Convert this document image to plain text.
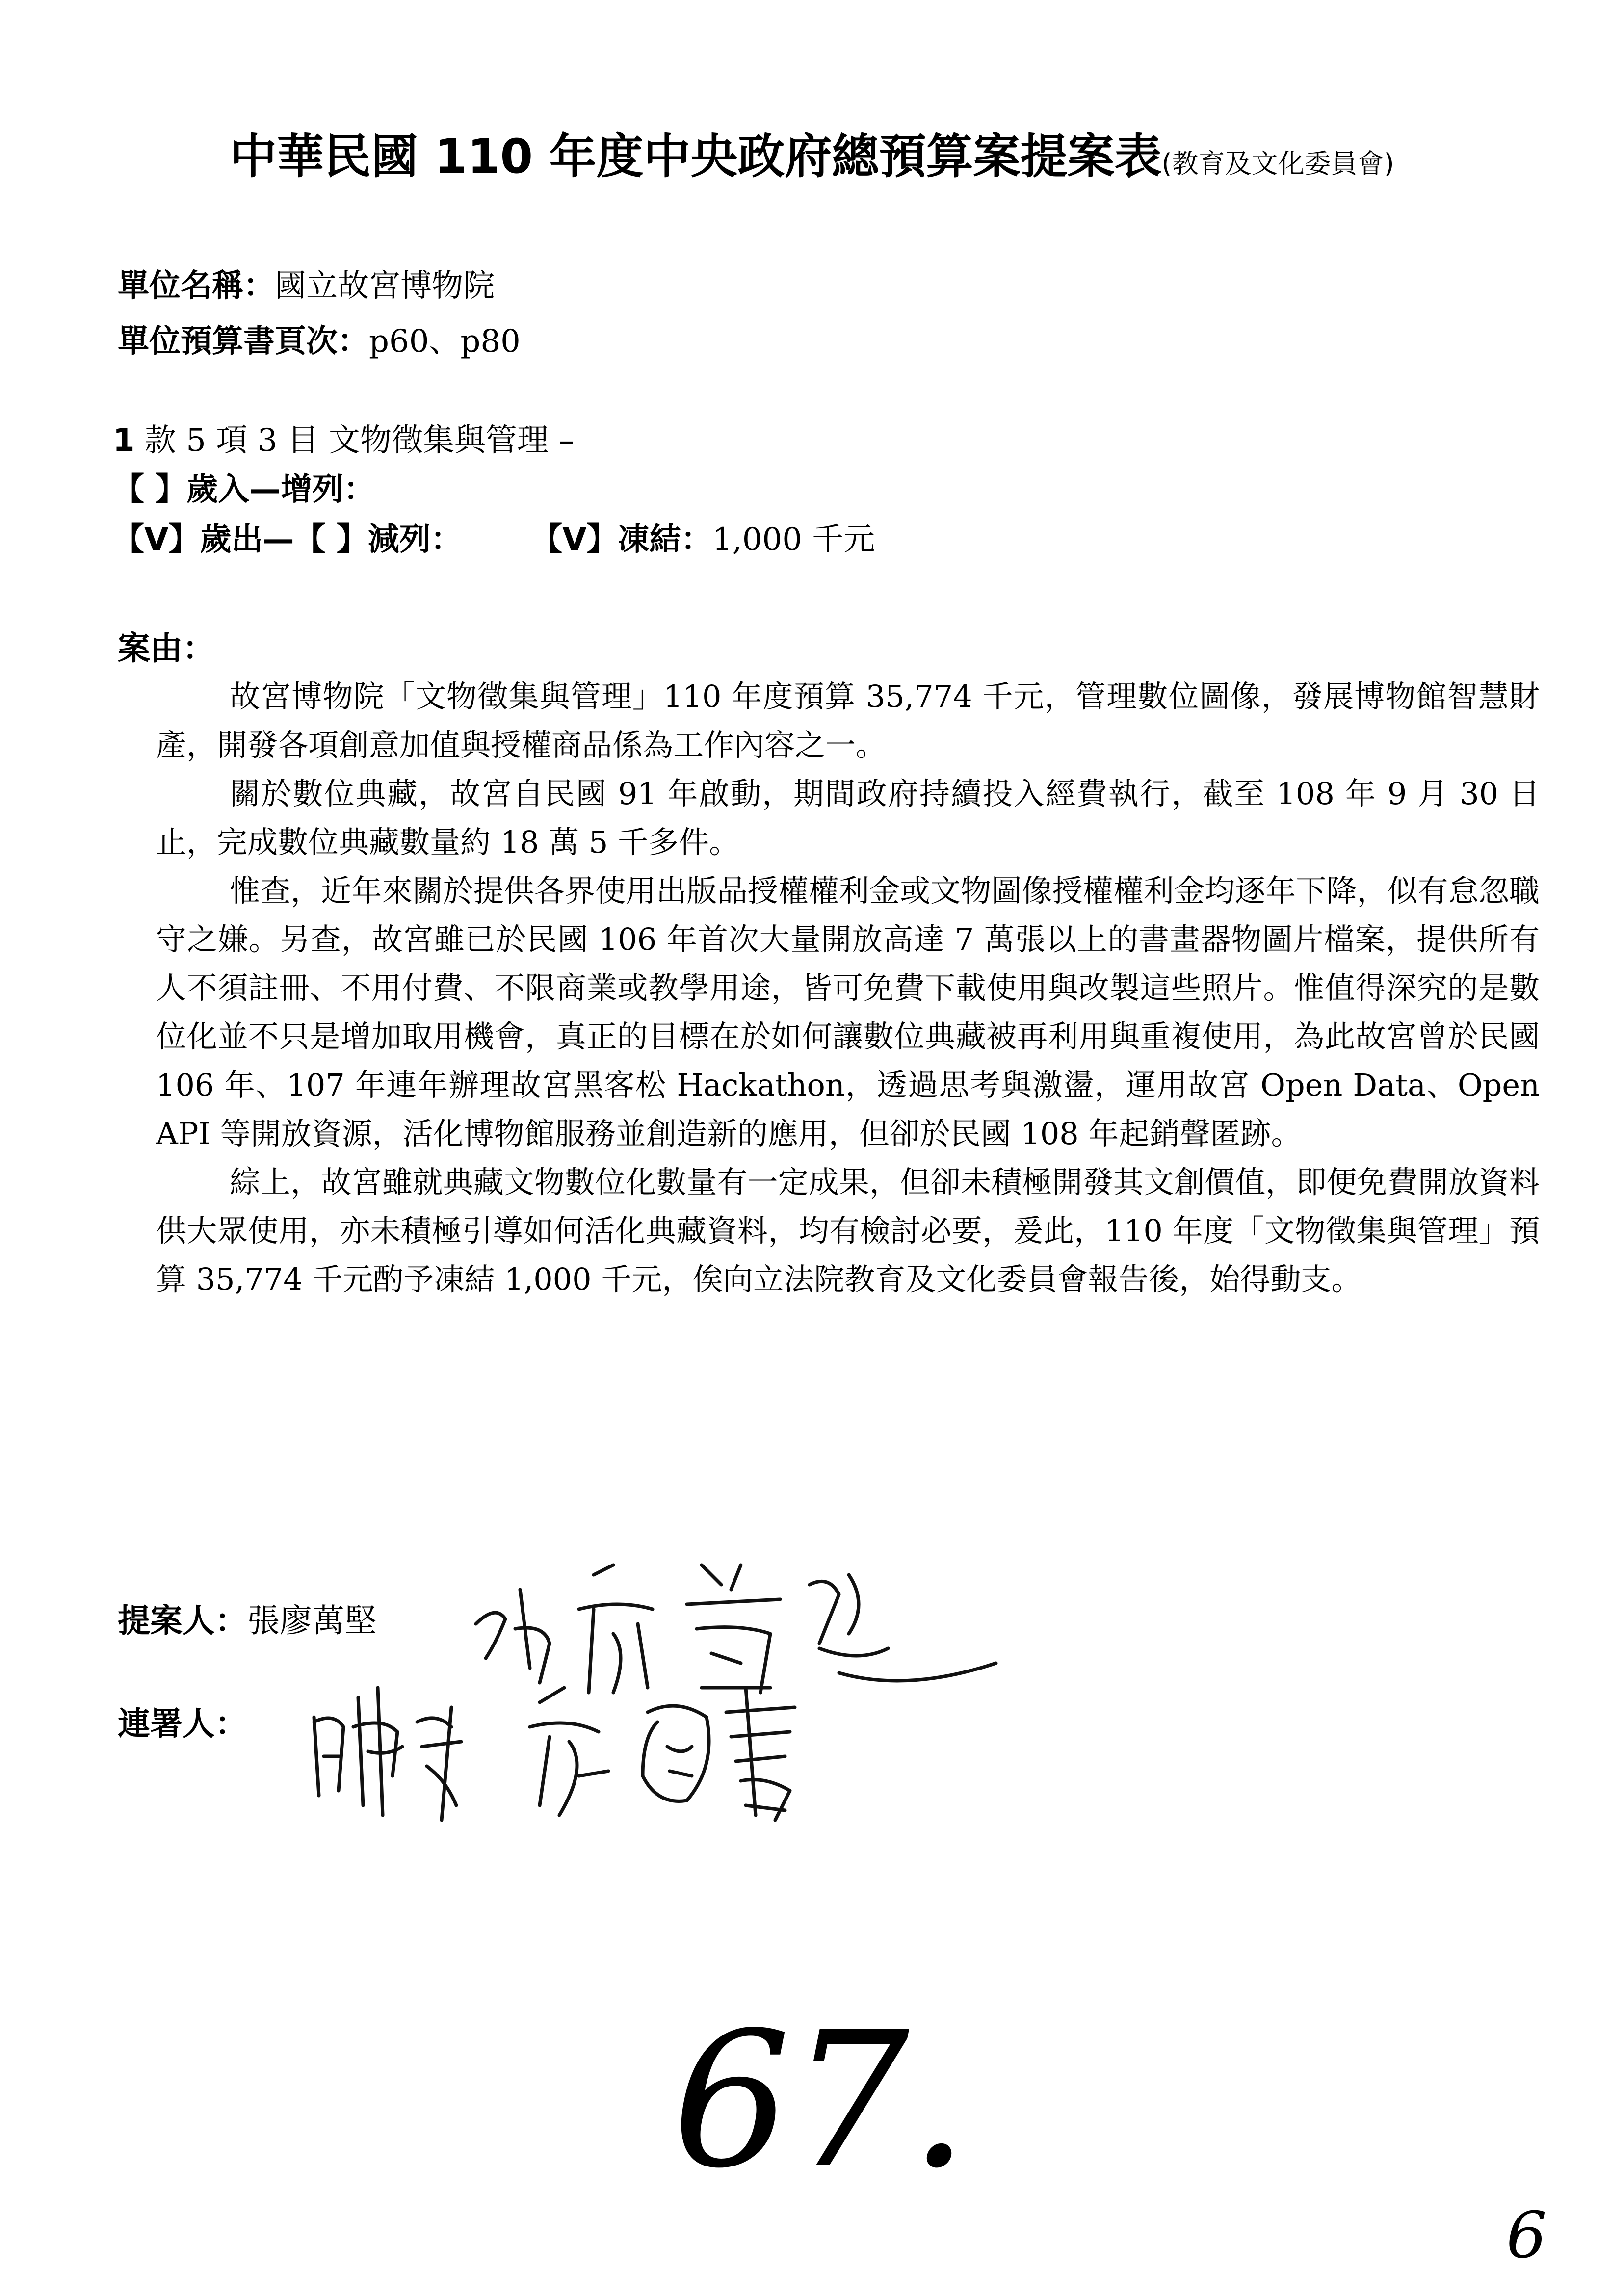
中華民國 110 年度中央政府總預算案提案表(教育及文化委員會)
單位名稱：國立故宮博物院
單位預算書頁次：p60、p80
1 款 5 項 3 目 文物徵集與管理 –
【 】歲入—增列：
【V】歲出—【 】減列： 【V】凍結：1,000 千元
案由：

故宮博物院「文物徵集與管理」110 年度預算 35,774 千元，管理數位圖像，發展博物館智慧財產，開發各項創意加值與授權商品係為工作內容之一。

關於數位典藏，故宮自民國 91 年啟動，期間政府持續投入經費執行，截至 108 年 9 月 30 日止，完成數位典藏數量約 18 萬 5 千多件。

惟查，近年來關於提供各界使用出版品授權權利金或文物圖像授權權利金均逐年下降，似有怠忽職守之嫌。另查，故宮雖已於民國 106 年首次大量開放高達 7 萬張以上的書畫器物圖片檔案，提供所有人不須註冊、不用付費、不限商業或教學用途，皆可免費下載使用與改製這些照片。惟值得深究的是數位化並不只是增加取用機會，真正的目標在於如何讓數位典藏被再利用與重複使用，為此故宮曾於民國 106 年、107 年連年辦理故宮黑客松 Hackathon，透過思考與激盪，運用故宮 Open Data、Open API 等開放資源，活化博物館服務並創造新的應用，但卻於民國 108 年起銷聲匿跡。

綜上，故宮雖就典藏文物數位化數量有一定成果，但卻未積極開發其文創價值，即便免費開放資料供大眾使用，亦未積極引導如何活化典藏資料，均有檢討必要，爰此，110 年度「文物徵集與管理」預算 35,774 千元酌予凍結 1,000 千元，俟向立法院教育及文化委員會報告後，始得動支。

提案人：張廖萬堅
連署人：
67.
6
